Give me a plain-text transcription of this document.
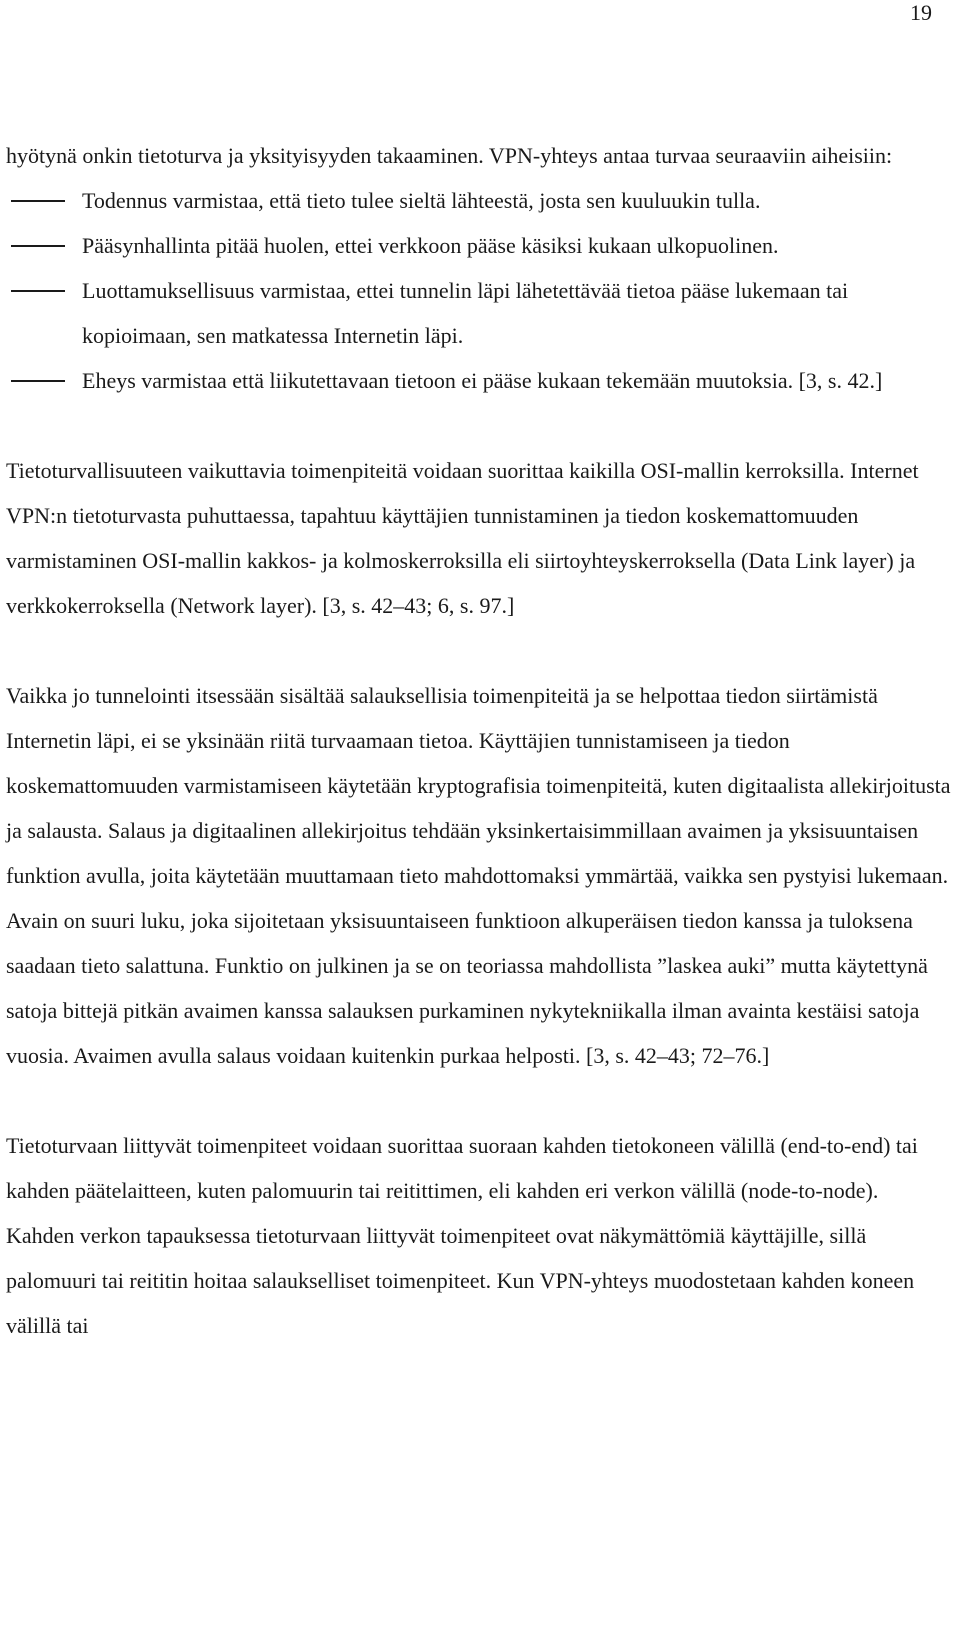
19

hyötynä onkin tietoturva ja yksityisyyden takaaminen. VPN-yhteys antaa turvaa seuraaviin aiheisiin:

Todennus varmistaa, että tieto tulee sieltä lähteestä, josta sen kuuluukin tulla.
Pääsynhallinta pitää huolen, ettei verkkoon pääse käsiksi kukaan ulkopuolinen.
Luottamuksellisuus varmistaa, ettei tunnelin läpi lähetettävää tietoa pääse lukemaan tai kopioimaan, sen matkatessa Internetin läpi.
Eheys varmistaa että liikutettavaan tietoon ei pääse kukaan tekemään muutoksia. [3, s. 42.]

Tietoturvallisuuteen vaikuttavia toimenpiteitä voidaan suorittaa kaikilla OSI-mallin kerroksilla. Internet VPN:n tietoturvasta puhuttaessa, tapahtuu käyttäjien tunnistaminen ja tiedon koskemattomuuden varmistaminen OSI-mallin kakkos- ja kolmoskerroksilla eli siirtoyhteyskerroksella (Data Link layer) ja verkkokerroksella (Network layer). [3, s. 42–43; 6, s. 97.]

Vaikka jo tunnelointi itsessään sisältää salauksellisia toimenpiteitä ja se helpottaa tiedon siirtämistä Internetin läpi, ei se yksinään riitä turvaamaan tietoa. Käyttäjien tunnistamiseen ja tiedon koskemattomuuden varmistamiseen käytetään kryptografisia toimenpiteitä, kuten digitaalista allekirjoitusta ja salausta. Salaus ja digitaalinen allekirjoitus tehdään yksinkertaisimmillaan avaimen ja yksisuuntaisen funktion avulla, joita käytetään muuttamaan tieto mahdottomaksi ymmärtää, vaikka sen pystyisi lukemaan. Avain on suuri luku, joka sijoitetaan yksisuuntaiseen funktioon alkuperäisen tiedon kanssa ja tuloksena saadaan tieto salattuna. Funktio on julkinen ja se on teoriassa mahdollista ”laskea auki” mutta käytettynä satoja bittejä pitkän avaimen kanssa salauksen purkaminen nykytekniikalla ilman avainta kestäisi satoja vuosia. Avaimen avulla salaus voidaan kuitenkin purkaa helposti. [3, s. 42–43; 72–76.]

Tietoturvaan liittyvät toimenpiteet voidaan suorittaa suoraan kahden tietokoneen välillä (end-to-end) tai kahden päätelaitteen, kuten palomuurin tai reitittimen, eli kahden eri verkon välillä (node-to-node). Kahden verkon tapauksessa tietoturvaan liittyvät toimenpiteet ovat näkymättömiä käyttäjille, sillä palomuuri tai reititin hoitaa salaukselliset toimenpiteet. Kun VPN-yhteys muodostetaan kahden koneen välillä tai
